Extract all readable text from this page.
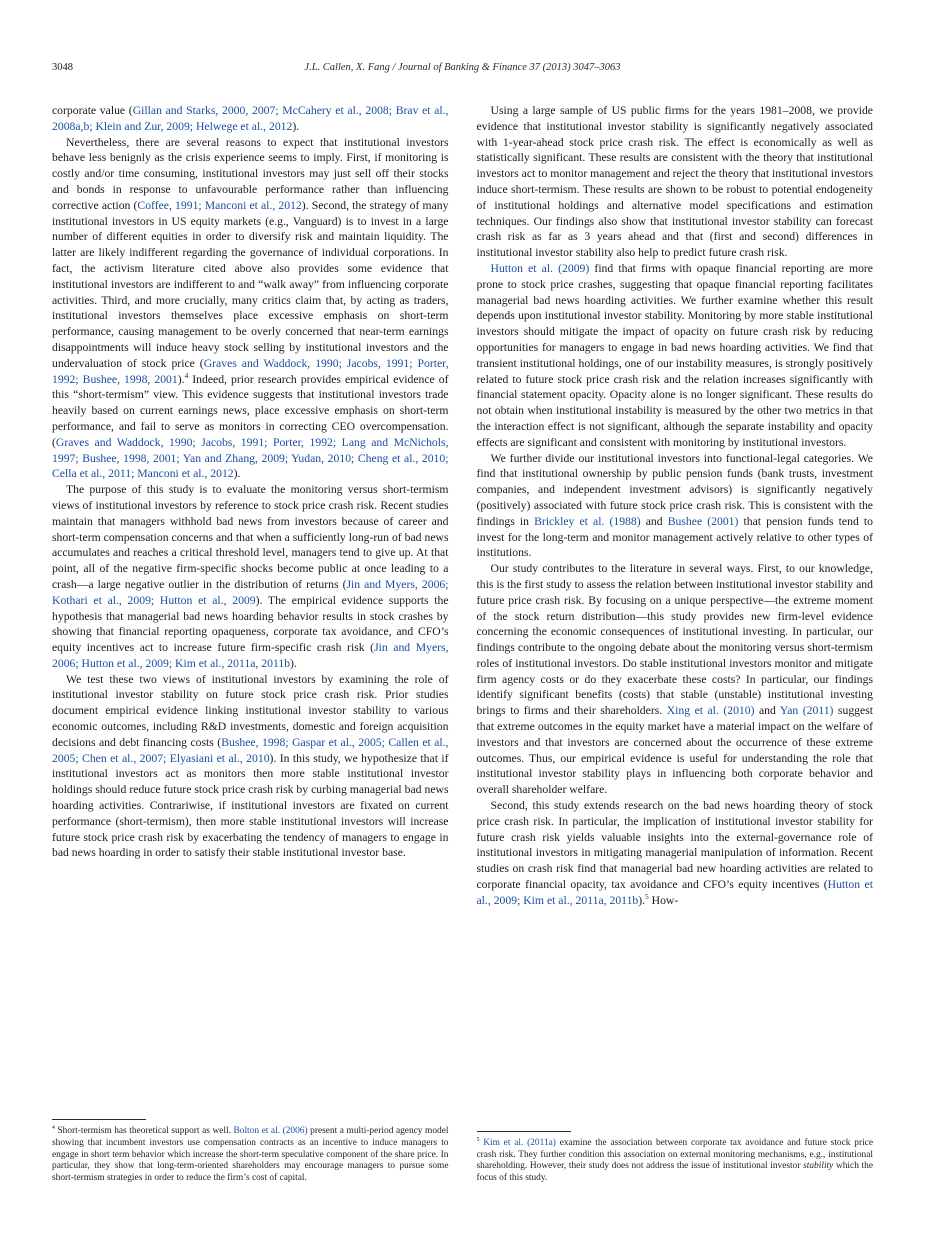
3048	J.L. Callen, X. Fang / Journal of Banking & Finance 37 (2013) 3047–3063

corporate value (Gillan and Starks, 2000, 2007; McCahery et al., 2008; Brav et al., 2008a,b; Klein and Zur, 2009; Helwege et al., 2012).

Nevertheless, there are several reasons to expect that institutional investors behave less benignly as the crisis experience seems to imply. First, if monitoring is costly and/or time consuming, institutional investors may just sell off their stocks and bonds in response to unfavourable performance rather than influencing corrective action (Coffee, 1991; Manconi et al., 2012). Second, the strategy of many institutional investors in US equity markets (e.g., Vanguard) is to invest in a large number of different equities in order to diversify risk and maintain liquidity. The latter are likely indifferent regarding the governance of individual corporations. In fact, the activism literature cited above also provides some evidence that institutional investors are indifferent to and “walk away” from influencing corporate activities. Third, and more crucially, many critics claim that, by acting as traders, institutional investors themselves place excessive emphasis on short-term performance, causing management to be overly concerned that near-term earnings disappointments will induce heavy stock selling by institutional investors and the undervaluation of stock price (Graves and Waddock, 1990; Jacobs, 1991; Porter, 1992; Bushee, 1998, 2001).$^4$ Indeed, prior research provides empirical evidence of this “short-termism” view. This evidence suggests that institutional investors trade heavily based on current earnings news, place excessive emphasis on short-term performance, and fail to serve as monitors in correcting CEO overcompensation. (Graves and Waddock, 1990; Jacobs, 1991; Porter, 1992; Lang and McNichols, 1997; Bushee, 1998, 2001; Yan and Zhang, 2009; Yudan, 2010; Cheng et al., 2010; Cella et al., 2011; Manconi et al., 2012).

The purpose of this study is to evaluate the monitoring versus short-termism views of institutional investors by reference to stock price crash risk. Recent studies maintain that managers withhold bad news from investors because of career and short-term compensation concerns and that when a sufficiently long-run of bad news accumulates and reaches a critical threshold level, managers tend to give up. At that point, all of the negative firm-specific shocks become public at once leading to a crash—a large negative outlier in the distribution of returns (Jin and Myers, 2006; Kothari et al., 2009; Hutton et al., 2009). The empirical evidence supports the hypothesis that managerial bad news hoarding behavior results in stock crashes by showing that financial reporting opaqueness, corporate tax avoidance, and CFO’s equity incentives act to increase future firm-specific crash risk (Jin and Myers, 2006; Hutton et al., 2009; Kim et al., 2011a, 2011b).

We test these two views of institutional investors by examining the role of institutional investor stability on future stock price crash risk. Prior studies document empirical evidence linking institutional investor stability to various economic outcomes, including R&D investments, domestic and foreign acquisition decisions and debt financing costs (Bushee, 1998; Gaspar et al., 2005; Callen et al., 2005; Chen et al., 2007; Elyasiani et al., 2010). In this study, we hypothesize that if institutional investors act as monitors then more stable institutional investor holdings should reduce future stock price crash risk by curbing managerial bad news hoarding activities. Contrariwise, if institutional investors are fixated on current performance (short-termism), then more stable institutional investors will increase future stock price crash risk by exacerbating the tendency of managers to engage in bad news hoarding in order to satisfy their stable institutional investor base.

$^4$ Short-termism has theoretical support as well. Bolton et al. (2006) present a multi-period agency model showing that incumbent investors use compensation contracts as an incentive to induce managers to engage in short term behavior which increase the short-term speculative component of the share price. In particular, they show that long-term-oriented shareholders may encourage managers to pursue some short-termism strategies in order to reduce the firm’s cost of capital.

Using a large sample of US public firms for the years 1981–2008, we provide evidence that institutional investor stability is significantly negatively associated with 1-year-ahead stock price crash risk. The effect is economically as well as statistically significant. These results are consistent with the theory that institutional investors act to monitor management and reject the theory that institutional investors induce short-termism. These results are shown to be robust to potential endogeneity of institutional holdings and alternative model specifications and estimation techniques. Our findings also show that institutional investor stability can forecast crash risk as far as 3 years ahead and that (first and second) differences in institutional investor stability also help to predict future crash risk.

Hutton et al. (2009) find that firms with opaque financial reporting are more prone to stock price crashes, suggesting that opaque financial reporting facilitates managerial bad news hoarding activities. We further examine whether this result depends upon institutional investor stability. Monitoring by more stable institutional investors should mitigate the impact of opacity on future crash risk by reducing opportunities for managers to engage in bad news hoarding activities. We find that transient institutional holdings, one of our instability measures, is strongly positively related to future stock price crash risk and the relation increases significantly with financial statement opacity. Opacity alone is no longer significant. These results do not obtain when institutional instability is measured by the other two metrics in that the interaction effect is not significant, although the separate instability and opacity effects are significant and consistent with monitoring by institutional investors.

We further divide our institutional investors into functional-legal categories. We find that institutional ownership by public pension funds (bank trusts, investment companies, and independent investment advisors) is significantly negatively (positively) associated with future stock price crash risk. This is consistent with the findings in Brickley et al. (1988) and Bushee (2001) that pension funds tend to invest for the long-term and monitor management actively relative to other types of institutions.

Our study contributes to the literature in several ways. First, to our knowledge, this is the first study to assess the relation between institutional investor stability and future price crash risk. By focusing on a unique perspective—the extreme moment of the stock return distribution—this study provides new firm-level evidence concerning the economic consequences of institutional investing. In particular, our findings contribute to the ongoing debate about the monitoring versus short-termism roles of institutional investors. Do stable institutional investors monitor and mitigate firm agency costs or do they exacerbate these costs? In particular, our findings identify significant benefits (costs) that stable (unstable) institutional investing brings to firms and their shareholders. Xing et al. (2010) and Yan (2011) suggest that extreme outcomes in the equity market have a material impact on the welfare of investors and that investors are concerned about the occurrence of these extreme outcomes. Thus, our empirical evidence is useful for understanding the role that institutional investor stability plays in influencing both corporate behavior and overall shareholder welfare.

Second, this study extends research on the bad news hoarding theory of stock price crash risk. In particular, the implication of institutional investor stability for future crash risk yields valuable insights into the external-governance role of institutional investors in mitigating managerial manipulation of information. Recent studies on crash risk find that managerial bad new hoarding activities are related to corporate financial opacity, tax avoidance and CFO’s equity incentives (Hutton et al., 2009; Kim et al., 2011a, 2011b).$^5$ How-

$^5$ Kim et al. (2011a) examine the association between corporate tax avoidance and future stock price crash risk. They further condition this association on external monitoring mechanisms, e.g., institutional shareholding. However, their study does not address the issue of institutional investor stability which the focus of this study.
